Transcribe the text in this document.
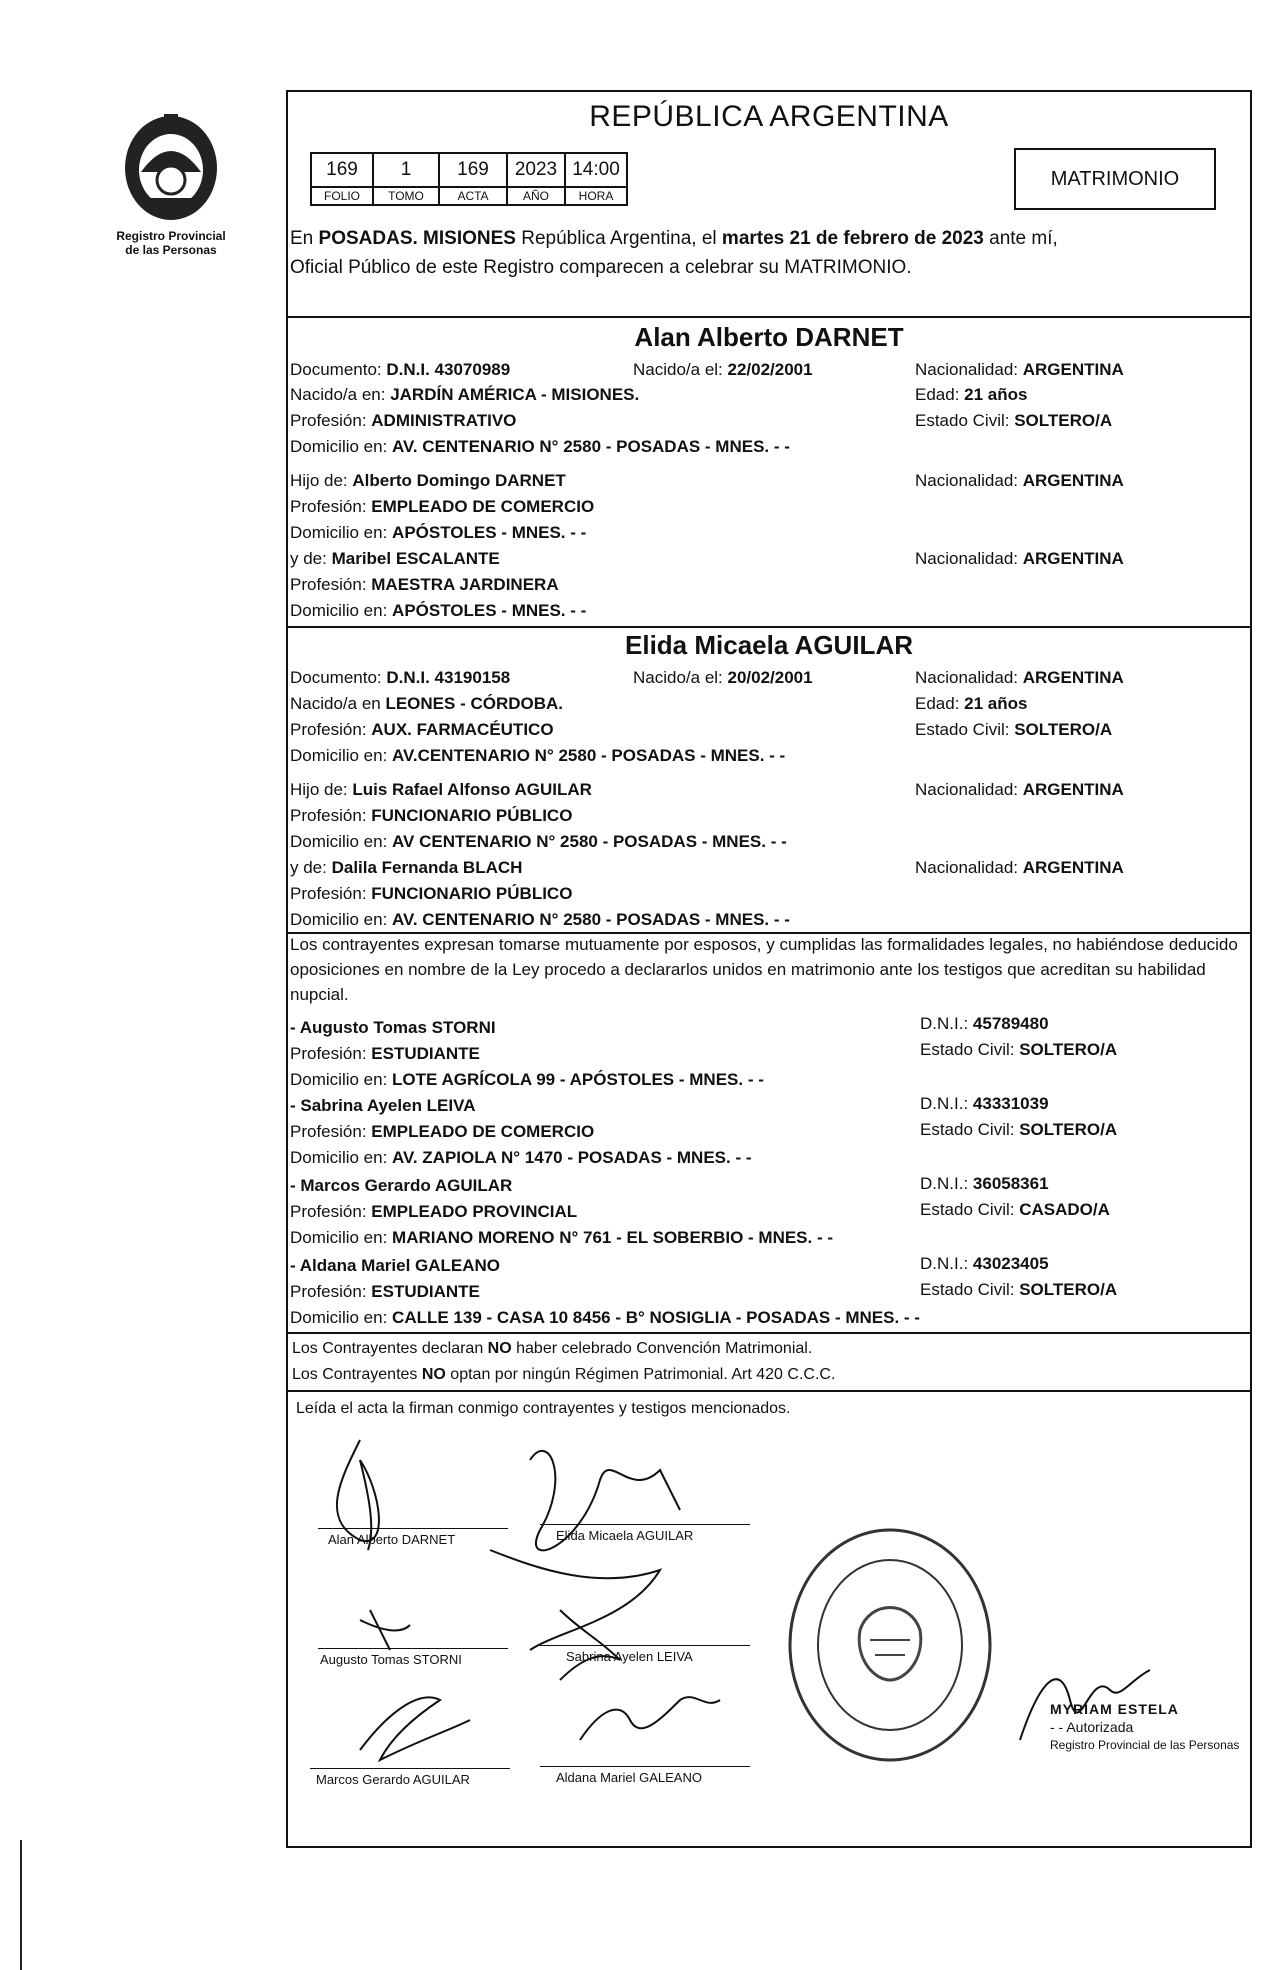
Registro Provincial
de las Personas
REPÚBLICA ARGENTINA
169
FOLIO
1
TOMO
169
ACTA
2023
AÑO
14:00
HORA
MATRIMONIO
En POSADAS. MISIONES República Argentina, el martes 21 de febrero de 2023 ante mí,
Oficial Público de este Registro comparecen a celebrar su MATRIMONIO.
Alan Alberto DARNET
Documento: D.N.I. 43070989	Nacido/a el: 22/02/2001	Nacionalidad: ARGENTINA
Nacido/a en: JARDÍN AMÉRICA - MISIONES.	Edad: 21 años
Profesión: ADMINISTRATIVO	Estado Civil: SOLTERO/A
Domicilio en: AV. CENTENARIO N° 2580 - POSADAS - MNES. - -
Hijo de: Alberto Domingo DARNET	Nacionalidad: ARGENTINA
Profesión: EMPLEADO DE COMERCIO
Domicilio en: APÓSTOLES - MNES. - -
y de: Maribel ESCALANTE	Nacionalidad: ARGENTINA
Profesión: MAESTRA JARDINERA
Domicilio en: APÓSTOLES - MNES. - -
Elida Micaela AGUILAR
Documento: D.N.I. 43190158	Nacido/a el: 20/02/2001	Nacionalidad: ARGENTINA
Nacido/a en LEONES - CÓRDOBA.	Edad: 21 años
Profesión: AUX. FARMACÉUTICO	Estado Civil: SOLTERO/A
Domicilio en: AV.CENTENARIO N° 2580 - POSADAS - MNES. - -
Hijo de: Luis Rafael Alfonso AGUILAR	Nacionalidad: ARGENTINA
Profesión: FUNCIONARIO PÚBLICO
Domicilio en: AV CENTENARIO N° 2580 - POSADAS - MNES. - -
y de: Dalila Fernanda BLACH	Nacionalidad: ARGENTINA
Profesión: FUNCIONARIO PÚBLICO
Domicilio en: AV. CENTENARIO N° 2580 - POSADAS - MNES. - -
Los contrayentes expresan tomarse mutuamente por esposos, y cumplidas las formalidades legales, no habiéndose deducido oposiciones en nombre de la Ley procedo a declararlos unidos en matrimonio ante los testigos que acreditan su habilidad nupcial.
- Augusto Tomas STORNI	D.N.I.: 45789480
Profesión: ESTUDIANTE	Estado Civil: SOLTERO/A
Domicilio en: LOTE AGRÍCOLA 99 - APÓSTOLES - MNES. - -
- Sabrina Ayelen LEIVA	D.N.I.: 43331039
Profesión: EMPLEADO DE COMERCIO	Estado Civil: SOLTERO/A
Domicilio en: AV. ZAPIOLA N° 1470 - POSADAS - MNES. - -
- Marcos Gerardo AGUILAR	D.N.I.: 36058361
Profesión: EMPLEADO PROVINCIAL	Estado Civil: CASADO/A
Domicilio en: MARIANO MORENO N° 761 - EL SOBERBIO - MNES. - -
- Aldana Mariel GALEANO	D.N.I.: 43023405
Profesión: ESTUDIANTE	Estado Civil: SOLTERO/A
Domicilio en: CALLE 139 - CASA 10 8456 - B° NOSIGLIA - POSADAS - MNES. - -
Los Contrayentes declaran NO haber celebrado Convención Matrimonial.
Los Contrayentes NO optan por ningún Régimen Patrimonial. Art 420 C.C.C.
Leída el acta la firman conmigo contrayentes y testigos mencionados.
Alan Alberto DARNET	Elida Micaela AGUILAR
Augusto Tomas STORNI	Sabrina Ayelen LEIVA
Marcos Gerardo AGUILAR	Aldana Mariel GALEANO
MYRIAM ESTELA
- - Autorizada
Registro Provincial de las Personas
